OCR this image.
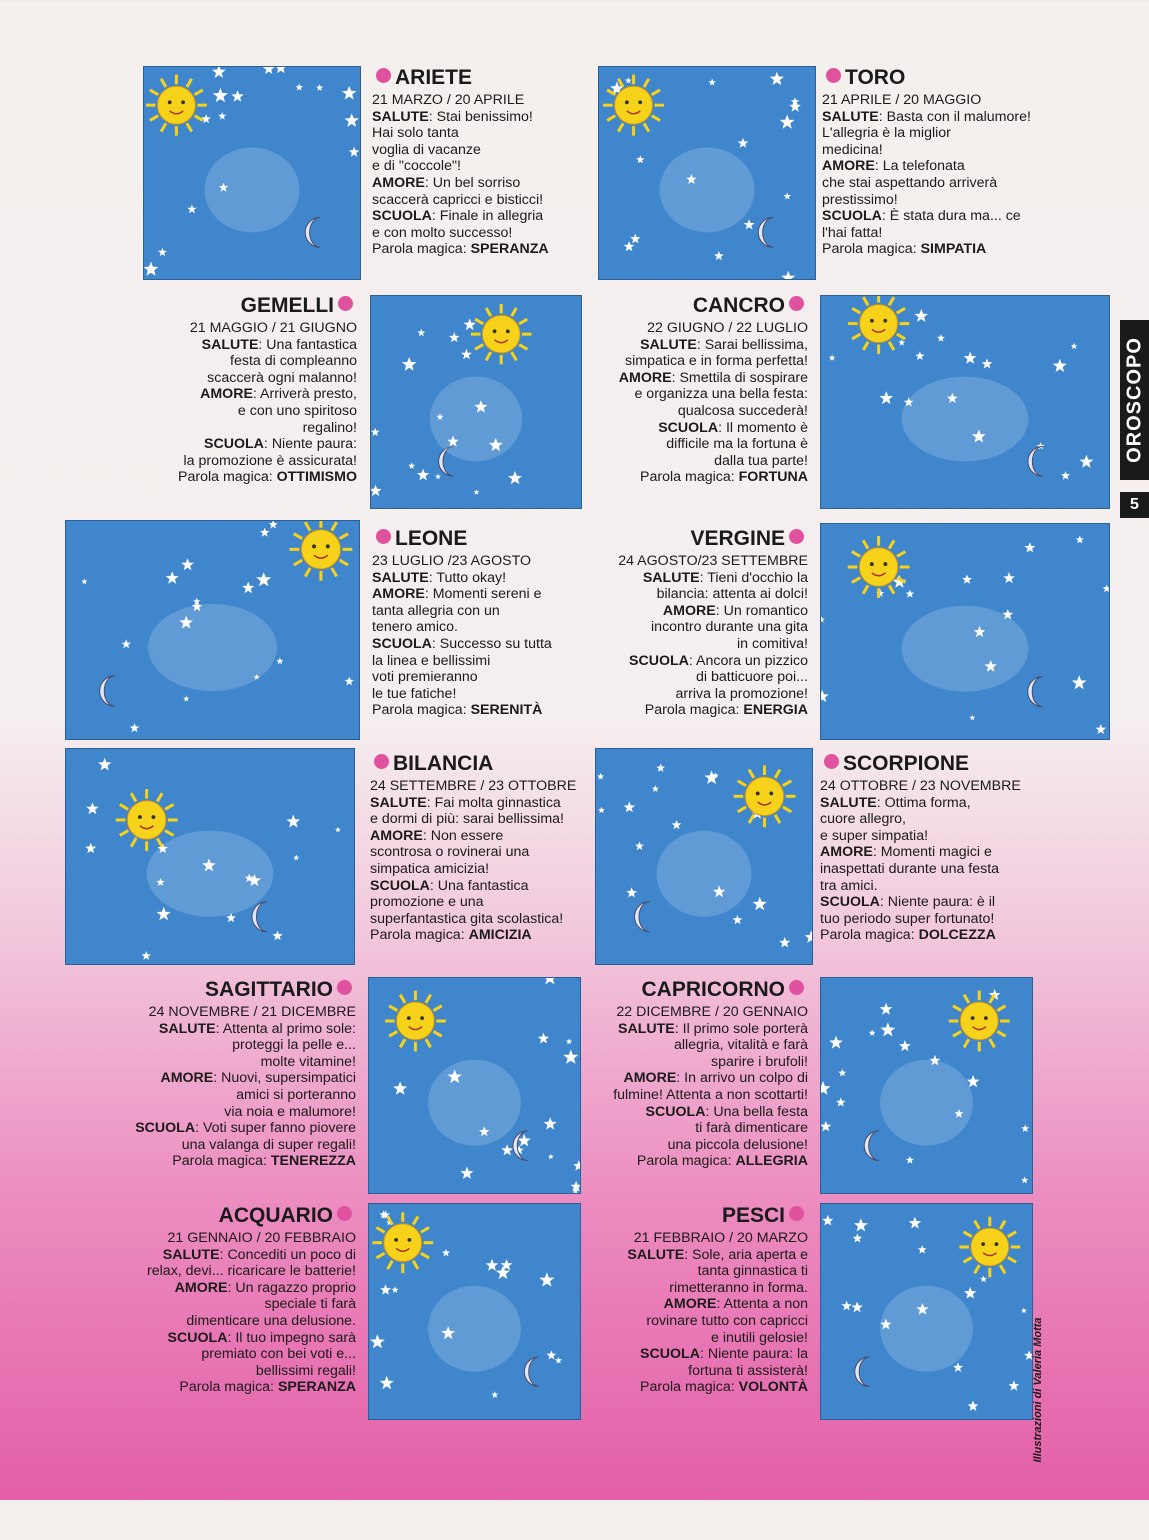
OROSCOPO
5
ARIETE
21 MARZO / 20 APRILE
SALUTE: Stai benissimo!
Hai solo tanta
voglia di vacanze
e di "coccole"!
AMORE: Un bel sorriso
scaccerà capricci e bisticci!
SCUOLA: Finale in allegria
e con molto successo!
Parola magica: SPERANZA
TORO
21 APRILE / 20 MAGGIO
SALUTE: Basta con il malumore!
L'allegria è la miglior
medicina!
AMORE: La telefonata
che stai aspettando arriverà
prestissimo!
SCUOLA: È stata dura ma... ce
l'hai fatta!
Parola magica: SIMPATIA
GEMELLI
21 MAGGIO / 21 GIUGNO
SALUTE: Una fantastica
festa di compleanno
scaccerà ogni malanno!
AMORE: Arriverà presto,
e con uno spiritoso
regalino!
SCUOLA: Niente paura:
la promozione è assicurata!
Parola magica: OTTIMISMO
CANCRO
22 GIUGNO / 22 LUGLIO
SALUTE: Sarai bellissima,
simpatica e in forma perfetta!
AMORE: Smettila di sospirare
e organizza una bella festa:
qualcosa succederà!
SCUOLA: Il momento è
difficile ma la fortuna è
dalla tua parte!
Parola magica: FORTUNA
LEONE
23 LUGLIO /23 AGOSTO
SALUTE: Tutto okay!
AMORE: Momenti sereni e
tanta allegria con un
tenero amico.
SCUOLA: Successo su tutta
la linea e bellissimi
voti premieranno
le tue fatiche!
Parola magica: SERENITÀ
VERGINE
24 AGOSTO/23 SETTEMBRE
SALUTE: Tieni d'occhio la
bilancia: attenta ai dolci!
AMORE: Un romantico
incontro durante una gita
in comitiva!
SCUOLA: Ancora un pizzico
di batticuore poi...
arriva la promozione!
Parola magica: ENERGIA
BILANCIA
24 SETTEMBRE / 23 OTTOBRE
SALUTE: Fai molta ginnastica
e dormi di più: sarai bellissima!
AMORE: Non essere
scontrosa o rovinerai una
simpatica amicizia!
SCUOLA: Una fantastica
promozione e una
superfantastica gita scolastica!
Parola magica: AMICIZIA
SCORPIONE
24 OTTOBRE / 23 NOVEMBRE
SALUTE: Ottima forma,
cuore allegro,
e super simpatia!
AMORE: Momenti magici e
inaspettati durante una festa
tra amici.
SCUOLA: Niente paura: è il
tuo periodo super fortunato!
Parola magica: DOLCEZZA
SAGITTARIO
24 NOVEMBRE / 21 DICEMBRE
SALUTE: Attenta al primo sole:
proteggi la pelle e...
molte vitamine!
AMORE: Nuovi, supersimpatici
amici si porteranno
via noia e malumore!
SCUOLA: Voti super fanno piovere
una valanga di super regali!
Parola magica: TENEREZZA
CAPRICORNO
22 DICEMBRE / 20 GENNAIO
SALUTE: Il primo sole porterà
allegria, vitalità e farà
sparire i brufoli!
AMORE: In arrivo un colpo di
fulmine! Attenta a non scottarti!
SCUOLA: Una bella festa
ti farà dimenticare
una piccola delusione!
Parola magica: ALLEGRIA
ACQUARIO
21 GENNAIO / 20 FEBBRAIO
SALUTE: Concediti un poco di
relax, devi... ricaricare le batterie!
AMORE: Un ragazzo proprio
speciale ti farà
dimenticare una delusione.
SCUOLA: Il tuo impegno sarà
premiato con bei voti e...
bellissimi regali!
Parola magica: SPERANZA
PESCI
21 FEBBRAIO / 20 MARZO
SALUTE: Sole, aria aperta e
tanta ginnastica ti
rimetteranno in forma.
AMORE: Attenta a non
rovinare tutto con capricci
e inutili gelosie!
SCUOLA: Niente paura: la
fortuna ti assisterà!
Parola magica: VOLONTÀ	Illustrazioni di Valeria Motta
